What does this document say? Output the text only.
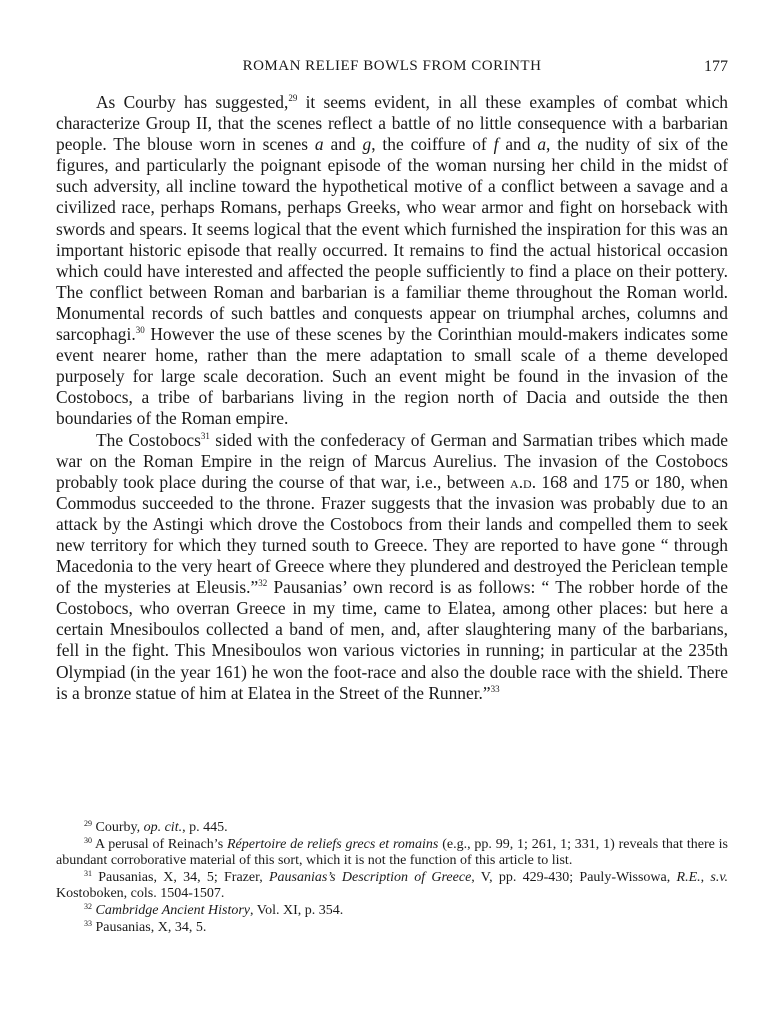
ROMAN RELIEF BOWLS FROM CORINTH	177

As Courby has suggested,$^{29}$ it seems evident, in all these examples of combat which characterize Group II, that the scenes reflect a battle of no little consequence with a barbarian people. The blouse worn in scenes a and g, the coiffure of f and a, the nudity of six of the figures, and particularly the poignant episode of the woman nursing her child in the midst of such adversity, all incline toward the hypothetical motive of a conflict between a savage and a civilized race, perhaps Romans, perhaps Greeks, who wear armor and fight on horseback with swords and spears. It seems logical that the event which furnished the inspiration for this was an important historic episode that really occurred. It remains to find the actual historical occasion which could have interested and affected the people sufficiently to find a place on their pottery. The conflict between Roman and barbarian is a familiar theme throughout the Roman world. Monumental records of such battles and conquests appear on triumphal arches, columns and sarcophagi.$^{30}$ However the use of these scenes by the Corinthian mould-makers indicates some event nearer home, rather than the mere adaptation to small scale of a theme developed purposely for large scale decoration. Such an event might be found in the invasion of the Costobocs, a tribe of barbarians living in the region north of Dacia and outside the then boundaries of the Roman empire.

The Costobocs$^{31}$ sided with the confederacy of German and Sarmatian tribes which made war on the Roman Empire in the reign of Marcus Aurelius. The invasion of the Costobocs probably took place during the course of that war, i.e., between a.d. 168 and 175 or 180, when Commodus succeeded to the throne. Frazer suggests that the invasion was probably due to an attack by the Astingi which drove the Costobocs from their lands and compelled them to seek new territory for which they turned south to Greece. They are reported to have gone “ through Macedonia to the very heart of Greece where they plundered and destroyed the Periclean temple of the mysteries at Eleusis.”$^{32}$ Pausanias’ own record is as follows: “ The robber horde of the Costobocs, who overran Greece in my time, came to Elatea, among other places: but here a certain Mnesiboulos collected a band of men, and, after slaughtering many of the barbarians, fell in the fight. This Mnesiboulos won various victories in running; in particular at the 235th Olympiad (in the year 161) he won the foot-race and also the double race with the shield. There is a bronze statue of him at Elatea in the Street of the Runner.”$^{33}$

$^{29}$ Courby, op. cit., p. 445.

$^{30}$ A perusal of Reinach’s Répertoire de reliefs grecs et romains (e.g., pp. 99, 1; 261, 1; 331, 1) reveals that there is abundant corroborative material of this sort, which it is not the function of this article to list.

$^{31}$ Pausanias, X, 34, 5; Frazer, Pausanias’s Description of Greece, V, pp. 429-430; Pauly-Wissowa, R.E., s.v. Kostoboken, cols. 1504-1507.

$^{32}$ Cambridge Ancient History, Vol. XI, p. 354.

$^{33}$ Pausanias, X, 34, 5.
